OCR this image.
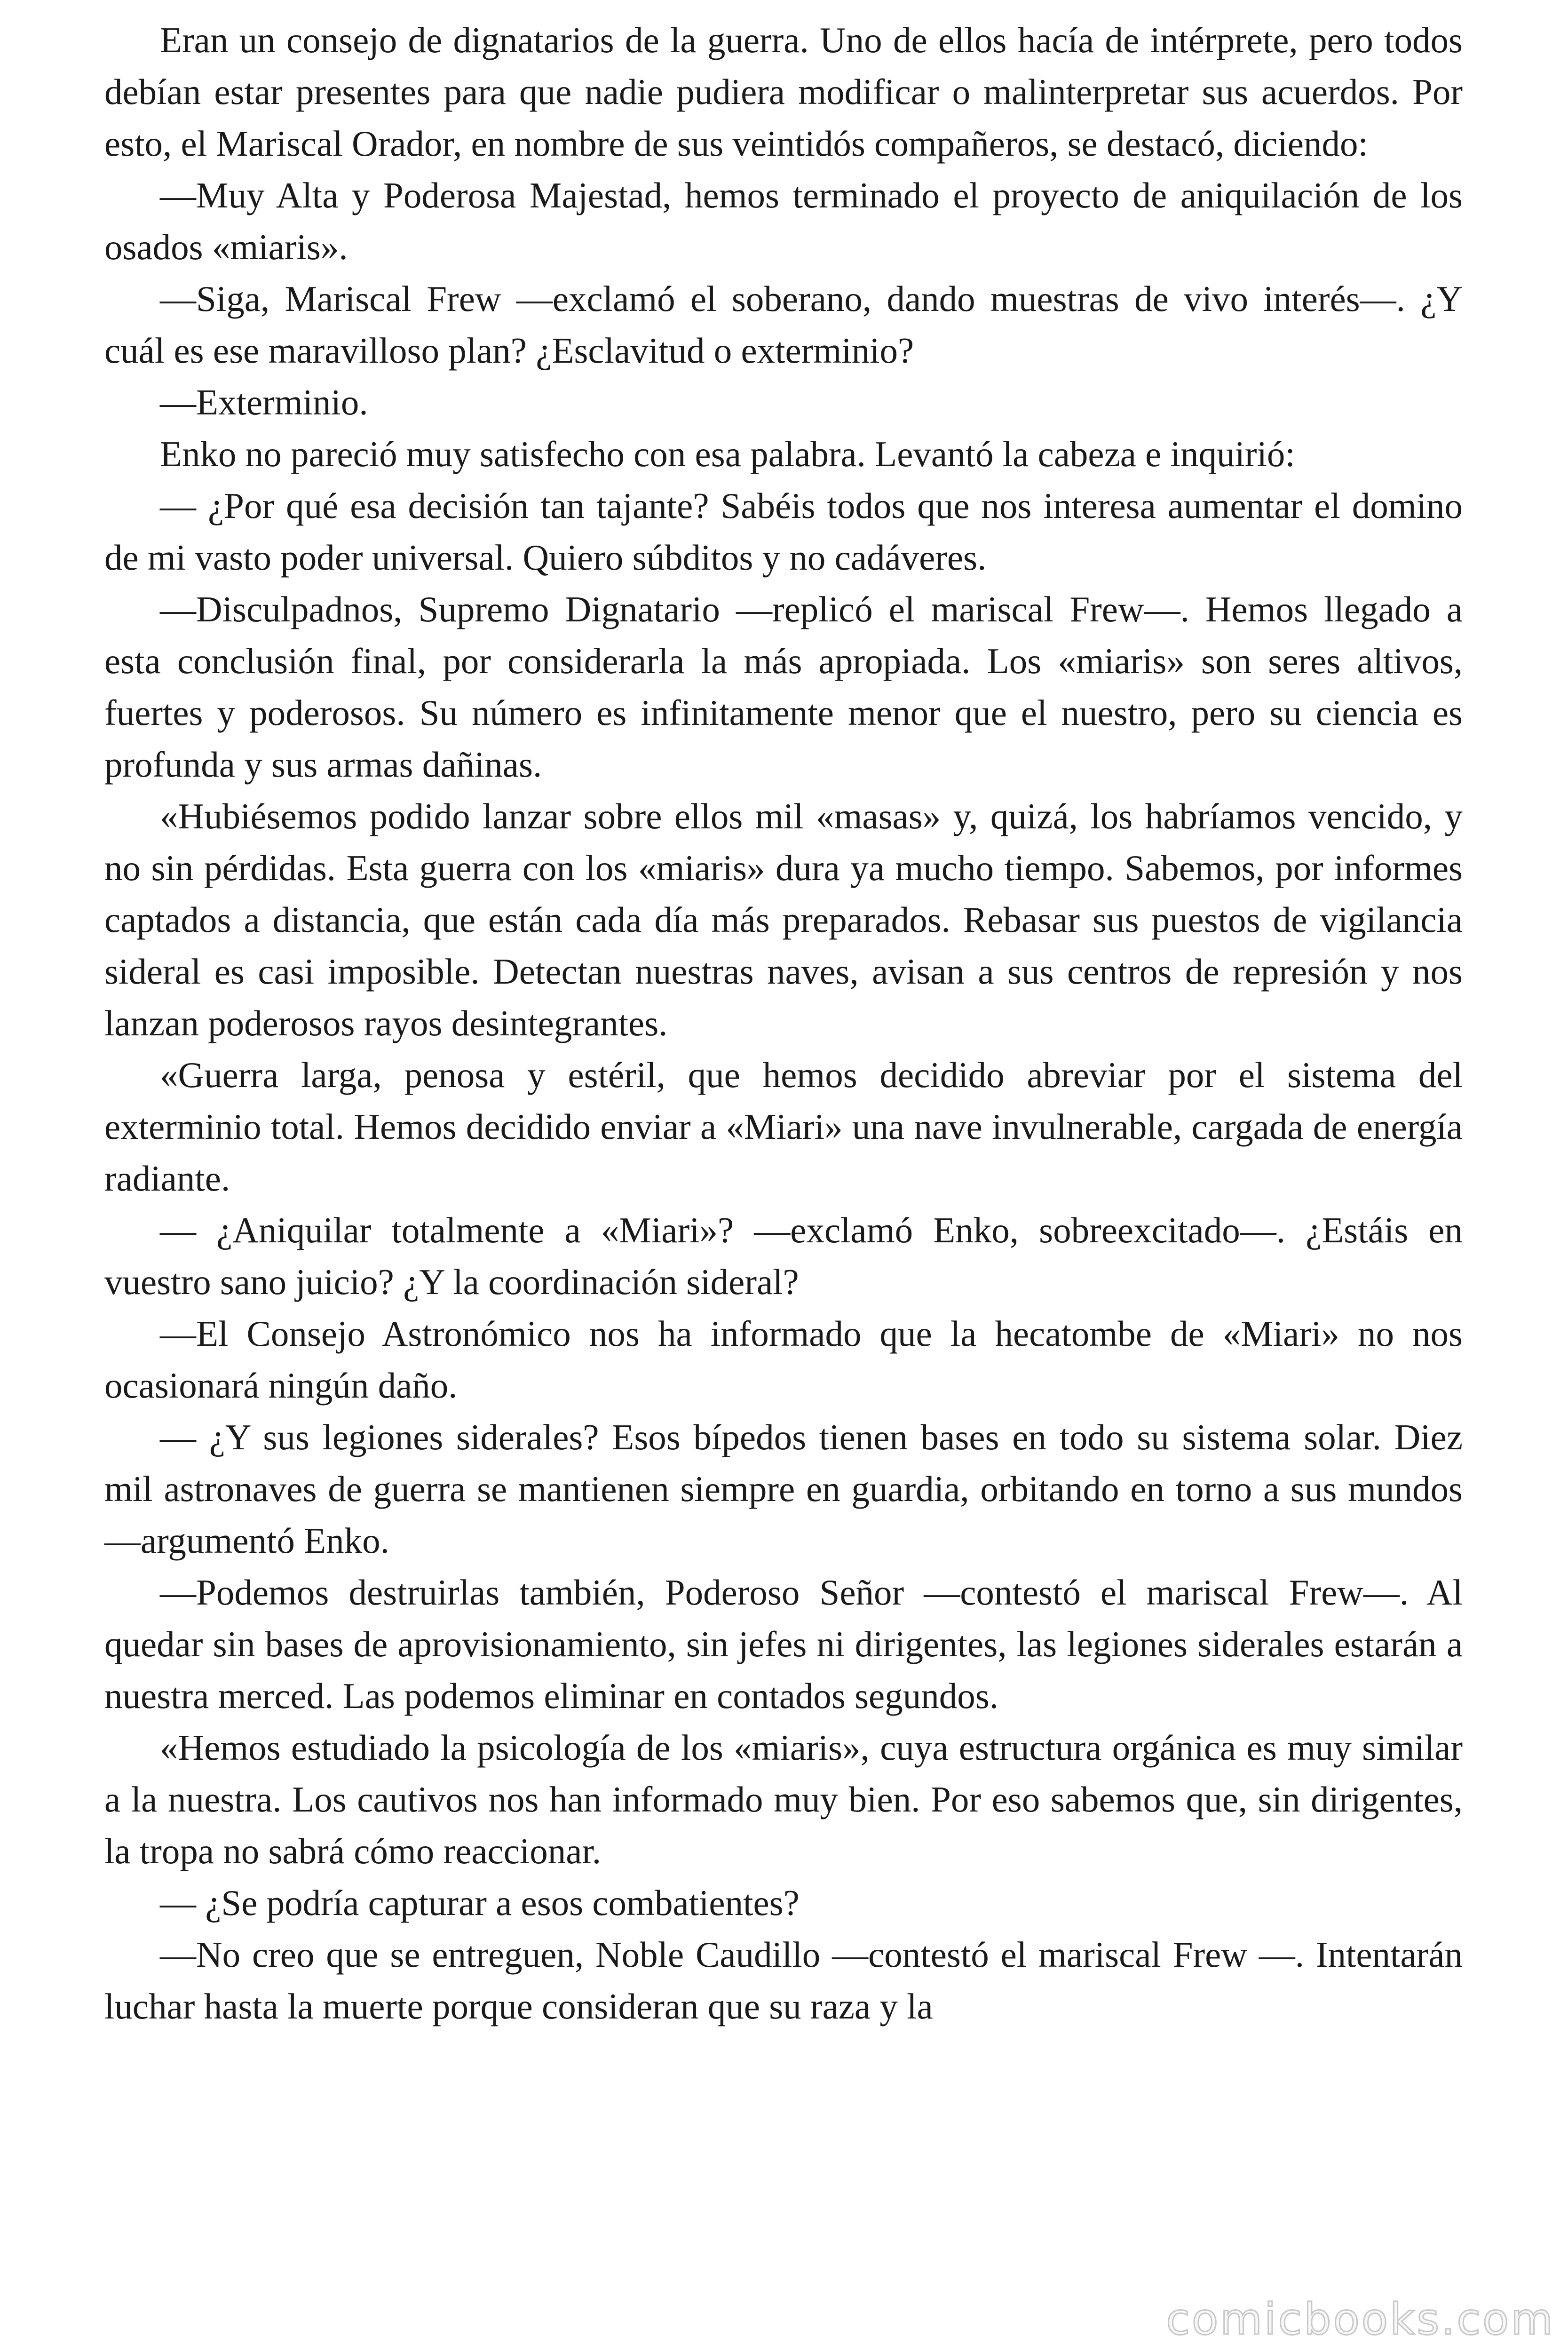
Eran un consejo de dignatarios de la guerra. Uno de ellos hacía de intérprete, pero todos debían estar presentes para que nadie pudiera modificar o malinterpretar sus acuerdos. Por esto, el Mariscal Orador, en nombre de sus veintidós compañeros, se destacó, diciendo:

—Muy Alta y Poderosa Majestad, hemos terminado el proyecto de aniquilación de los osados «miaris».

—Siga, Mariscal Frew —exclamó el soberano, dando muestras de vivo interés—. ¿Y cuál es ese maravilloso plan? ¿Esclavitud o exterminio?

—Exterminio.

Enko no pareció muy satisfecho con esa palabra. Levantó la cabeza e inquirió:

— ¿Por qué esa decisión tan tajante? Sabéis todos que nos interesa aumentar el domino de mi vasto poder universal. Quiero súbditos y no cadáveres.

—Disculpadnos, Supremo Dignatario —replicó el mariscal Frew—. Hemos llegado a esta conclusión final, por considerarla la más apropiada. Los «miaris» son seres altivos, fuertes y poderosos. Su número es infinitamente menor que el nuestro, pero su ciencia es profunda y sus armas dañinas.

«Hubiésemos podido lanzar sobre ellos mil «masas» y, quizá, los habríamos vencido, y no sin pérdidas. Esta guerra con los «miaris» dura ya mucho tiempo. Sabemos, por informes captados a distancia, que están cada día más preparados. Rebasar sus puestos de vigilancia sideral es casi imposible. Detectan nuestras naves, avisan a sus centros de represión y nos lanzan poderosos rayos desintegrantes.

«Guerra larga, penosa y estéril, que hemos decidido abreviar por el sistema del exterminio total. Hemos decidido enviar a «Miari» una nave invulnerable, cargada de energía radiante.

— ¿Aniquilar totalmente a «Miari»? —exclamó Enko, sobreexcitado—. ¿Estáis en vuestro sano juicio? ¿Y la coordinación sideral?

—El Consejo Astronómico nos ha informado que la hecatombe de «Miari» no nos ocasionará ningún daño.

— ¿Y sus legiones siderales? Esos bípedos tienen bases en todo su sistema solar. Diez mil astronaves de guerra se mantienen siempre en guardia, orbitando en torno a sus mundos —argumentó Enko.

—Podemos destruirlas también, Poderoso Señor —contestó el mariscal Frew—. Al quedar sin bases de aprovisionamiento, sin jefes ni dirigentes, las legiones siderales estarán a nuestra merced. Las podemos eliminar en contados segundos.

«Hemos estudiado la psicología de los «miaris», cuya estructura orgánica es muy similar a la nuestra. Los cautivos nos han informado muy bien. Por eso sabemos que, sin dirigentes, la tropa no sabrá cómo reaccionar.

— ¿Se podría capturar a esos combatientes?

—No creo que se entreguen, Noble Caudillo —contestó el mariscal Frew —. Intentarán luchar hasta la muerte porque consideran que su raza y la

comicbooks.com
